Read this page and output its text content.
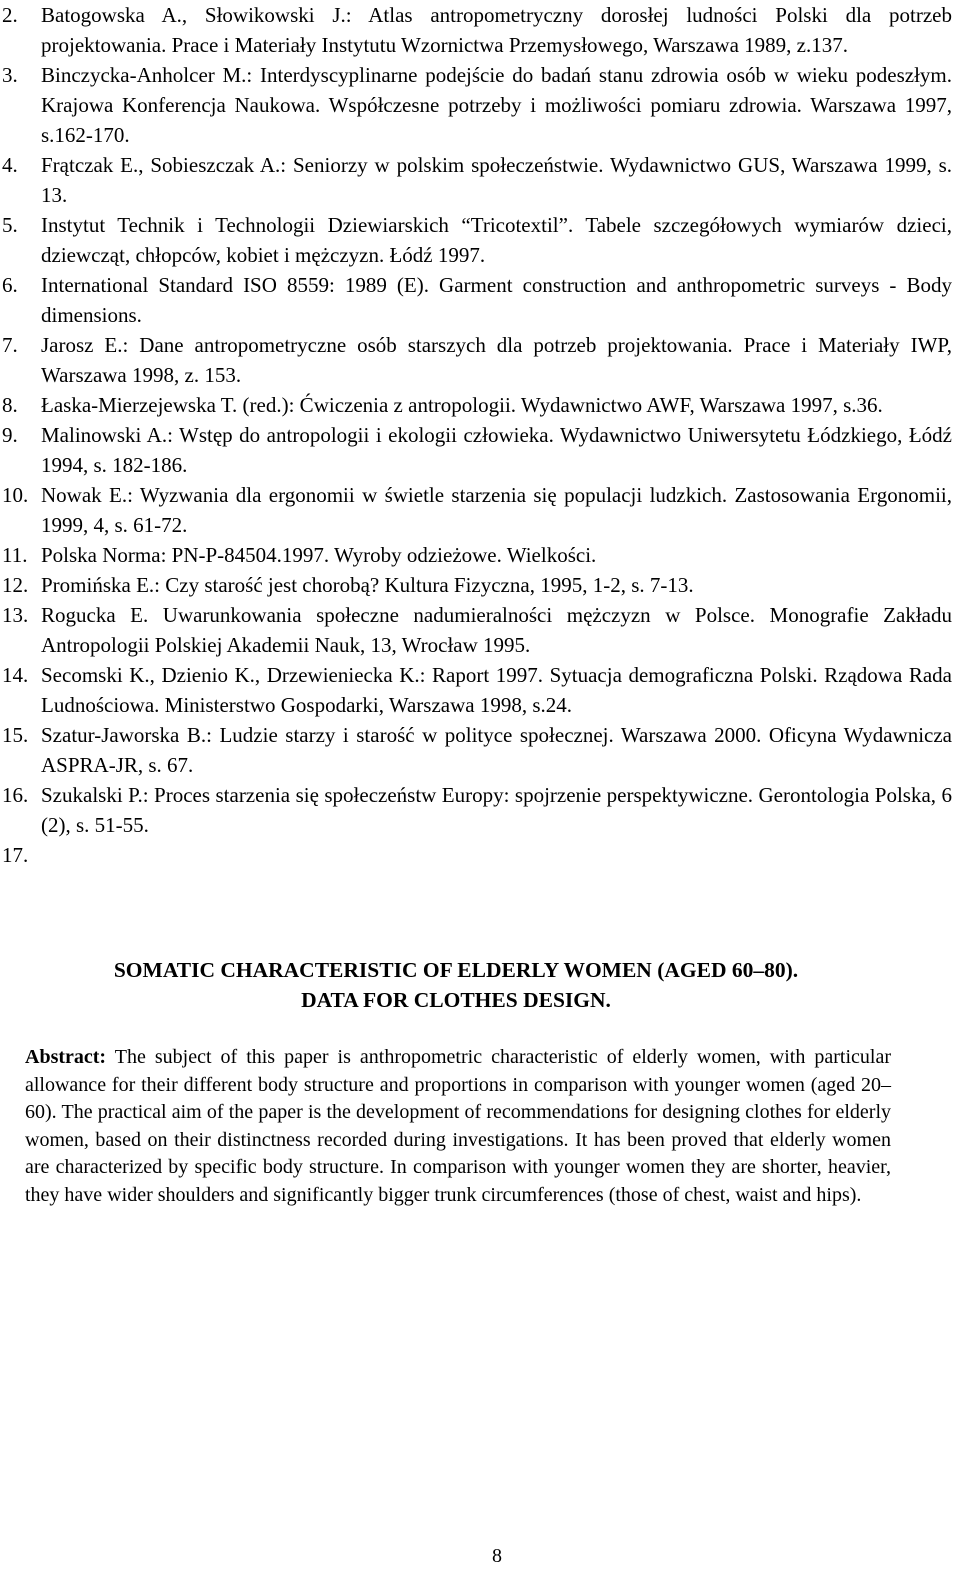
2. Batogowska A., Słowikowski J.: Atlas antropometryczny dorosłej ludności Polski dla potrzeb projektowania. Prace i Materiały Instytutu Wzornictwa Przemysłowego, Warszawa 1989, z.137.
3. Binczycka-Anholcer M.: Interdyscyplinarne podejście do badań stanu zdrowia osób w wieku podeszłym. Krajowa Konferencja Naukowa. Współczesne potrzeby i możliwości pomiaru zdrowia. Warszawa 1997, s.162-170.
4. Frątczak E., Sobieszczak A.: Seniorzy w polskim społeczeństwie. Wydawnictwo GUS, Warszawa 1999, s. 13.
5. Instytut Technik i Technologii Dziewiarskich “Tricotextil”. Tabele szczegółowych wymiarów dzieci, dziewcząt, chłopców, kobiet i mężczyzn. Łódź 1997.
6. International Standard ISO 8559: 1989 (E). Garment construction and anthropometric surveys - Body dimensions.
7. Jarosz E.: Dane antropometryczne osób starszych dla potrzeb projektowania. Prace i Materiały IWP, Warszawa 1998, z. 153.
8. Łaska-Mierzejewska T. (red.): Ćwiczenia z antropologii. Wydawnictwo AWF, Warszawa 1997, s.36.
9. Malinowski A.: Wstęp do antropologii i ekologii człowieka. Wydawnictwo Uniwersytetu Łódzkiego, Łódź 1994, s. 182-186.
10. Nowak E.: Wyzwania dla ergonomii w świetle starzenia się populacji ludzkich. Zastosowania Ergonomii, 1999, 4, s. 61-72.
11. Polska Norma: PN-P-84504.1997. Wyroby odzieżowe. Wielkości.
12. Promińska E.: Czy starość jest chorobą? Kultura Fizyczna, 1995, 1-2, s. 7-13.
13. Rogucka E. Uwarunkowania społeczne nadumieralności mężczyzn w Polsce. Monografie Zakładu Antropologii Polskiej Akademii Nauk, 13, Wrocław 1995.
14. Secomski K., Dzienio K., Drzewieniecka K.: Raport 1997. Sytuacja demograficzna Polski. Rządowa Rada Ludnościowa. Ministerstwo Gospodarki, Warszawa 1998, s.24.
15. Szatur-Jaworska B.: Ludzie starzy i starość w polityce społecznej. Warszawa 2000. Oficyna Wydawnicza ASPRA-JR, s. 67.
16. Szukalski P.: Proces starzenia się społeczeństw Europy: spojrzenie perspektywiczne. Gerontologia Polska, 6 (2), s. 51-55.
17.

SOMATIC CHARACTERISTIC OF ELDERLY WOMEN (AGED 60–80).
DATA FOR CLOTHES DESIGN.

Abstract: The subject of this paper is anthropometric characteristic of elderly women, with particular allowance for their different body structure and proportions in comparison with younger women (aged 20–60). The practical aim of the paper is the development of recommendations for designing clothes for elderly women, based on their distinctness recorded during investigations. It has been proved that elderly women are characterized by specific body structure. In comparison with younger women they are shorter, heavier, they have wider shoulders and significantly bigger trunk circumferences (those of chest, waist and hips).

8
